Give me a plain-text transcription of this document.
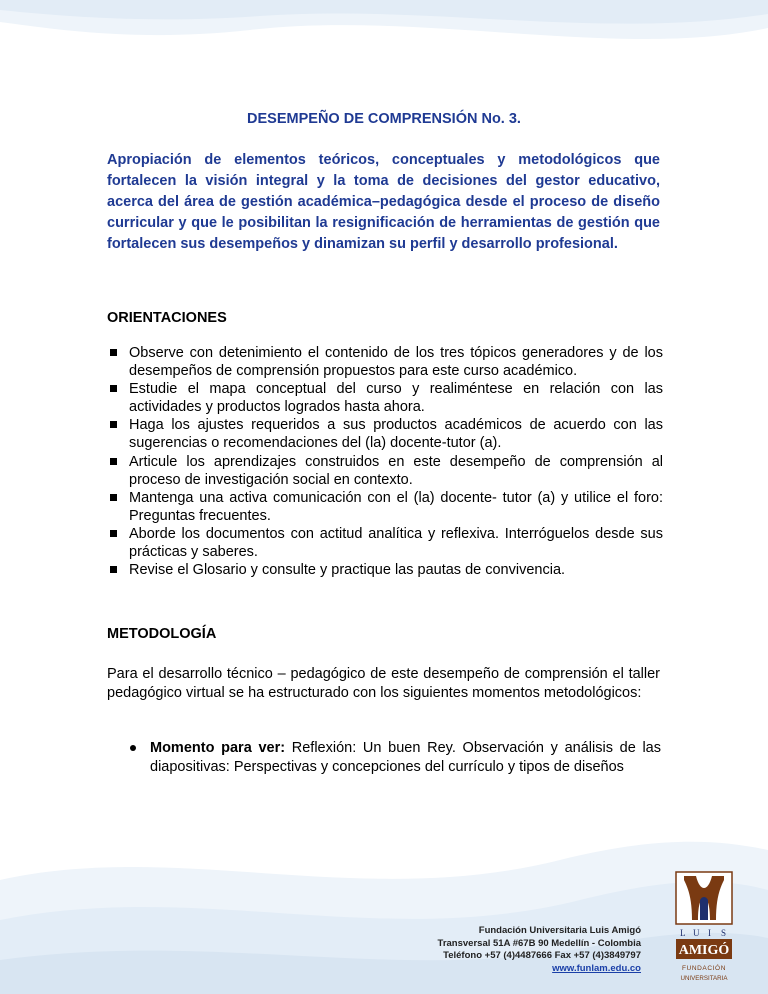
DESEMPEÑO DE COMPRENSIÓN No. 3.

Apropiación de elementos teóricos, conceptuales y metodológicos que fortalecen la visión integral y la toma de decisiones del gestor educativo, acerca del área de gestión académica–pedagógica desde el proceso de diseño curricular y que le posibilitan la resignificación de herramientas de gestión que fortalecen sus desempeños y dinamizan su perfil y desarrollo profesional.

ORIENTACIONES
Observe con detenimiento el contenido de los tres tópicos generadores y de los desempeños de comprensión propuestos para este curso académico.
Estudie el mapa conceptual del curso y realiméntese en relación con las actividades y productos logrados hasta ahora.
Haga los ajustes requeridos a sus productos académicos de acuerdo con las sugerencias o recomendaciones del (la) docente-tutor (a).
Articule los aprendizajes construidos en este desempeño de comprensión al proceso de investigación social en contexto.
Mantenga una activa comunicación con el (la) docente- tutor (a) y utilice el foro: Preguntas frecuentes.
Aborde los documentos con actitud analítica y reflexiva. Interróguelos desde sus prácticas y saberes.
Revise el Glosario y consulte y practique las pautas de convivencia.
METODOLOGÍA

Para el desarrollo técnico – pedagógico de este desempeño de comprensión el taller pedagógico virtual se ha estructurado con los siguientes momentos metodológicos:

Momento para ver: Reflexión: Un buen Rey. Observación y análisis de las diapositivas: Perspectivas y concepciones del currículo y tipos de diseños
Fundación Universitaria Luis Amigó
Transversal 51A #67B 90 Medellín - Colombia
Teléfono +57 (4)4487666 Fax +57 (4)3849797
www.funlam.edu.co
L U I S
AMIGÓ
FUNDACIÓN
UNIVERSITARIA
